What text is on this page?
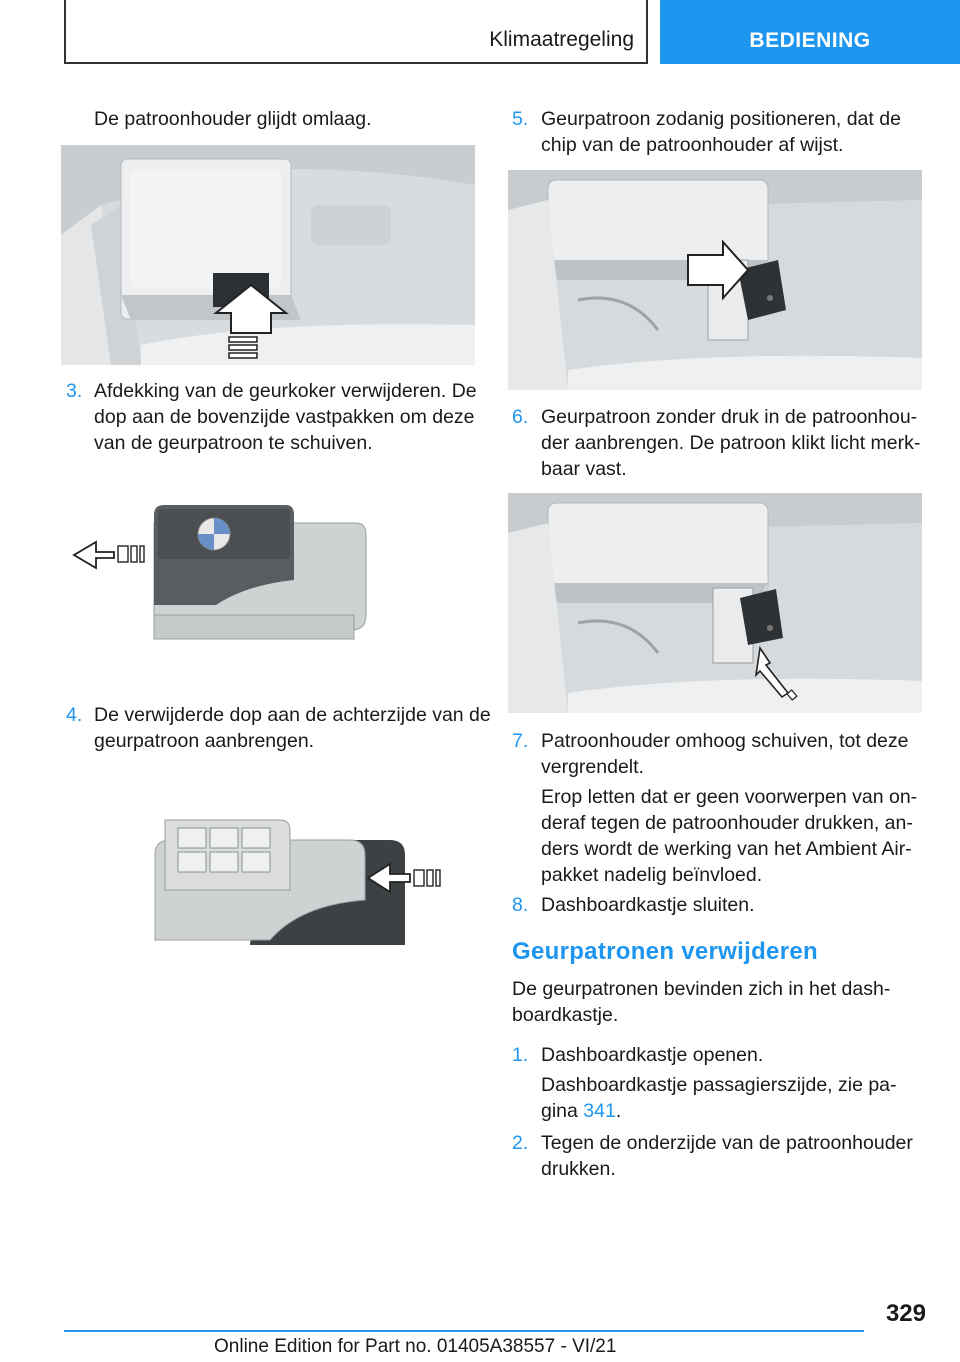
Klimaatregeling	BEDIENING
De patroonhouder glijdt omlaag.
3. Afdekking van de geurkoker verwijderen. De
dop aan de bovenzijde vastpakken om deze
van de geurpatroon te schuiven.
4. De verwijderde dop aan de achterzijde van de
geurpatroon aanbrengen.
5. Geurpatroon zodanig positioneren, dat de
chip van de patroonhouder af wijst.
6. Geurpatroon zonder druk in de patroonhou-
der aanbrengen. De patroon klikt licht merk-
baar vast.
7. Patroonhouder omhoog schuiven, tot deze
vergrendelt.
Erop letten dat er geen voorwerpen van on-
deraf tegen de patroonhouder drukken, an-
ders wordt de werking van het Ambient Air-
pakket nadelig beïnvloed.
8. Dashboardkastje sluiten.
Geurpatronen verwijderen
De geurpatronen bevinden zich in het dash-
boardkastje.
1. Dashboardkastje openen.
Dashboardkastje passagierszijde, zie pa-
gina 341.
2. Tegen de onderzijde van de patroonhouder
drukken.
329
Online Edition for Part no. 01405A38557 - VI/21
